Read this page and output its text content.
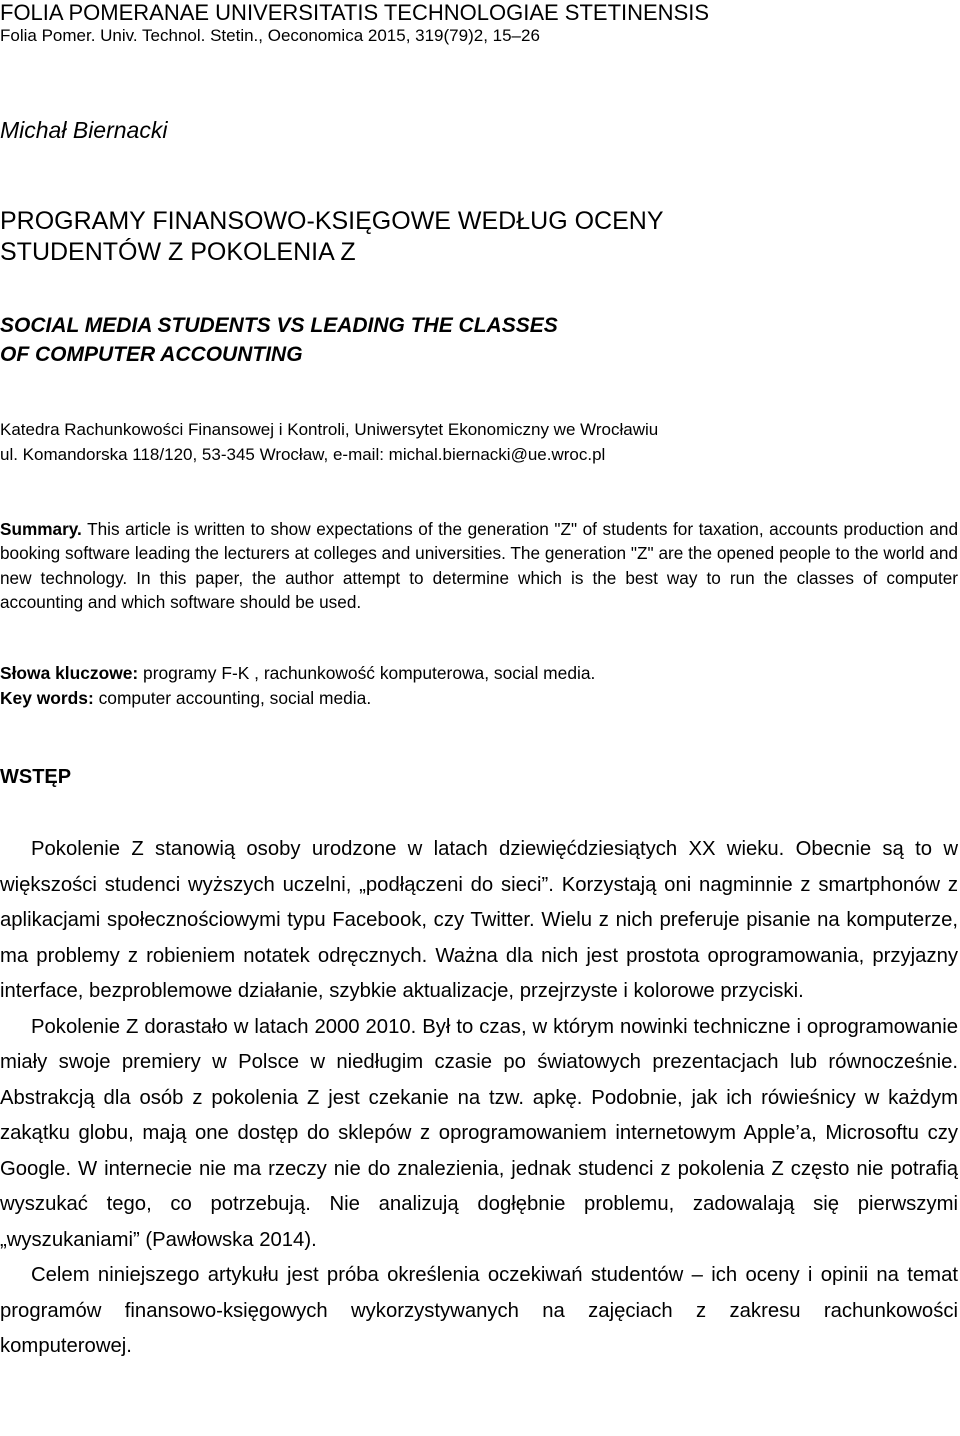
FOLIA POMERANAE UNIVERSITATIS TECHNOLOGIAE STETINENSIS
Folia Pomer. Univ. Technol. Stetin., Oeconomica 2015, 319(79)2, 15–26
Michał Biernacki
PROGRAMY FINANSOWO-KSIĘGOWE WEDŁUG OCENY
STUDENTÓW Z POKOLENIA Z
SOCIAL MEDIA STUDENTS VS LEADING THE CLASSES
OF COMPUTER ACCOUNTING
Katedra Rachunkowości Finansowej i Kontroli, Uniwersytet Ekonomiczny we Wrocławiu
ul. Komandorska 118/120, 53-345 Wrocław, e-mail: michal.biernacki@ue.wroc.pl
Summary. This article is written to show expectations of the generation "Z" of students for taxation, accounts production and booking software leading the lecturers at colleges and universities. The generation "Z" are the opened people to the world and new technology. In this paper, the author attempt to determine which is the best way to run the classes of computer accounting and which software should be used.
Słowa kluczowe: programy F-K , rachunkowość komputerowa, social media.
Key words: computer accounting, social media.
WSTĘP

Pokolenie Z stanowią osoby urodzone w latach dziewięćdziesiątych XX wieku. Obecnie są to w większości studenci wyższych uczelni, „podłączeni do sieci”. Korzystają oni nagminnie z smartphonów z aplikacjami społecznościowymi typu Facebook, czy Twitter. Wielu z nich preferuje pisanie na komputerze, ma problemy z robieniem notatek odręcznych. Ważna dla nich jest prostota oprogramowania, przyjazny interface, bezproblemowe działanie, szybkie aktualizacje, przejrzyste i kolorowe przyciski.

Pokolenie Z dorastało w latach 2000 2010. Był to czas, w którym nowinki techniczne i oprogramowanie miały swoje premiery w Polsce w niedługim czasie po światowych prezentacjach lub równocześnie. Abstrakcją dla osób z pokolenia Z jest czekanie na tzw. apkę. Podobnie, jak ich rówieśnicy w każdym zakątku globu, mają one dostęp do sklepów z oprogramowaniem internetowym Apple’a, Microsoftu czy Google. W internecie nie ma rzeczy nie do znalezienia, jednak studenci z pokolenia Z często nie potrafią wyszukać tego, co potrzebują. Nie analizują dogłębnie problemu, zadowalają się pierwszymi „wyszukaniami” (Pawłowska 2014).

Celem niniejszego artykułu jest próba określenia oczekiwań studentów – ich oceny i opinii na temat programów finansowo-księgowych wykorzystywanych na zajęciach z zakresu rachunkowości komputerowej.
